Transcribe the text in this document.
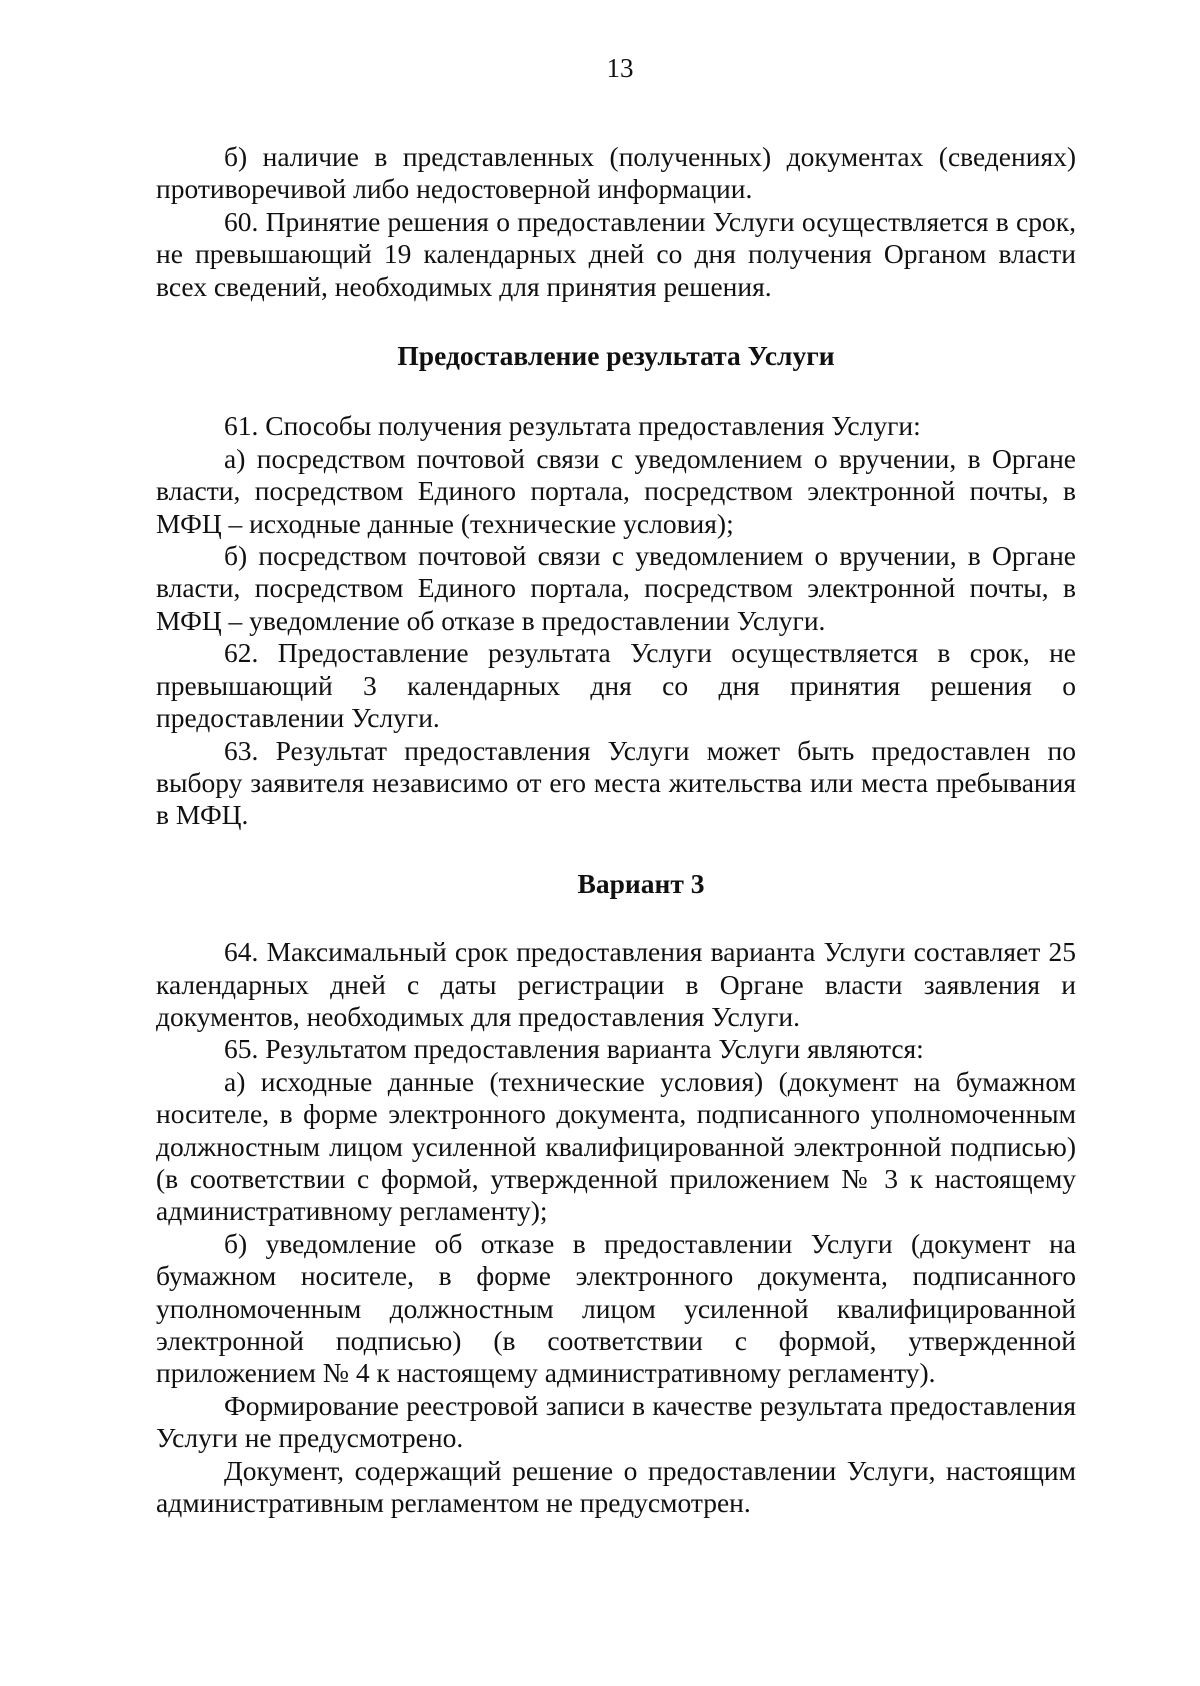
13

б) наличие в представленных (полученных) документах (сведениях) противоречивой либо недостоверной информации.

60. Принятие решения о предоставлении Услуги осуществляется в срок, не превышающий 19 календарных дней со дня получения Органом власти всех сведений, необходимых для принятия решения.

Предоставление результата Услуги

61. Способы получения результата предоставления Услуги:

а) посредством почтовой связи с уведомлением о вручении, в Органе власти, посредством Единого портала, посредством электронной почты, в МФЦ – исходные данные (технические условия);

б) посредством почтовой связи с уведомлением о вручении, в Органе власти, посредством Единого портала, посредством электронной почты, в МФЦ – уведомление об отказе в предоставлении Услуги.

62. Предоставление результата Услуги осуществляется в срок, не превышающий 3 календарных дня со дня принятия решения о предоставлении Услуги.

63. Результат предоставления Услуги может быть предоставлен по выбору заявителя независимо от его места жительства или места пребывания в МФЦ.

Вариант 3

64. Максимальный срок предоставления варианта Услуги составляет 25 календарных дней с даты регистрации в Органе власти заявления и документов, необходимых для предоставления Услуги.

65. Результатом предоставления варианта Услуги являются:

а) исходные данные (технические условия) (документ на бумажном носителе, в форме электронного документа, подписанного уполномоченным должностным лицом усиленной квалифицированной электронной подписью) (в соответствии с формой, утвержденной приложением № 3 к настоящему административному регламенту);

б) уведомление об отказе в предоставлении Услуги (документ на бумажном носителе, в форме электронного документа, подписанного уполномоченным должностным лицом усиленной квалифицированной электронной подписью) (в соответствии с формой, утвержденной приложением № 4 к настоящему административному регламенту).

Формирование реестровой записи в качестве результата предоставления Услуги не предусмотрено.

Документ, содержащий решение о предоставлении Услуги, настоящим административным регламентом не предусмотрен.
